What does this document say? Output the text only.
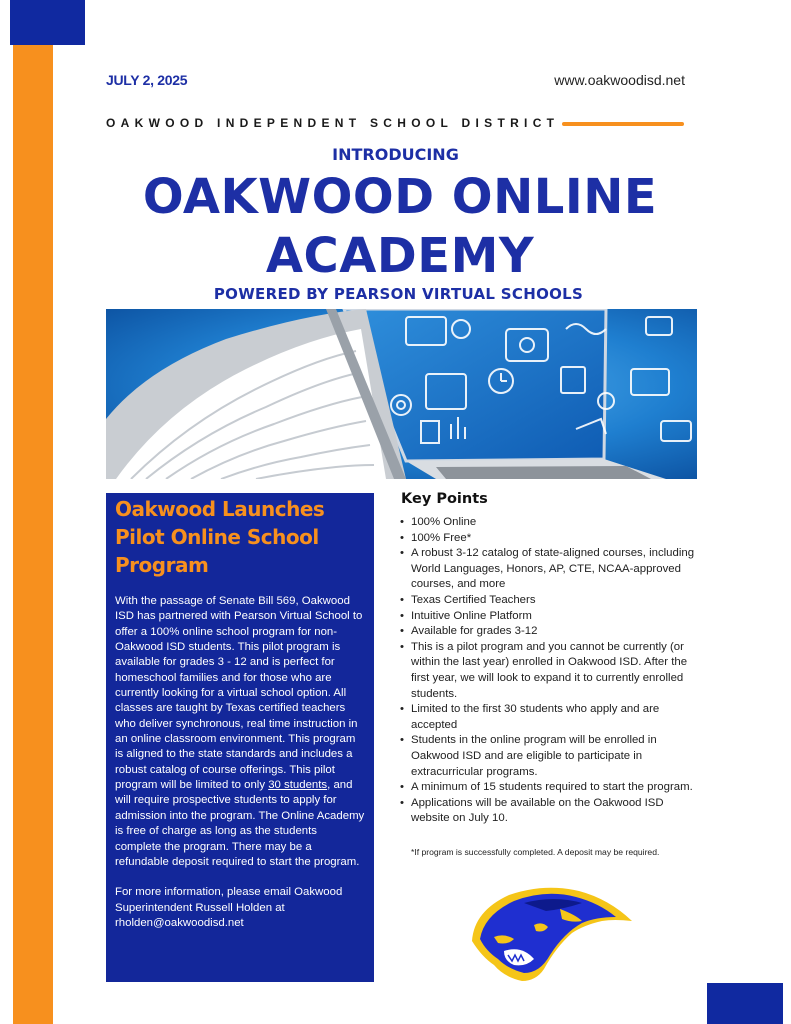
JULY 2, 2025	www.oakwoodisd.net
OAKWOOD INDEPENDENT SCHOOL DISTRICT
INTRODUCING
OAKWOOD ONLINE
ACADEMY
POWERED BY PEARSON VIRTUAL SCHOOLS
Oakwood Launches Pilot Online School Program
With the passage of Senate Bill 569, Oakwood ISD has partnered with Pearson Virtual School to offer a 100% online school program for non-Oakwood ISD students. This pilot program is available for grades 3 - 12 and is perfect for homeschool families and for those who are currently looking for a virtual school option. All classes are taught by Texas certified teachers who deliver synchronous, real time instruction in an online classroom environment. This program is aligned to the state standards and includes a robust catalog of course offerings. This pilot program will be limited to only 30 students, and will require prospective students to apply for admission into the program. The Online Academy is free of charge as long as the students complete the program. There may be a refundable deposit required to start the program.
For more information, please email Oakwood Superintendent Russell Holden at rholden@oakwoodisd.net
Key Points
• 100% Online
• 100% Free*
• A robust 3-12 catalog of state-aligned courses, including World Languages, Honors, AP, CTE, NCAA-approved courses, and more
• Texas Certified Teachers
• Intuitive Online Platform
• Available for grades 3-12
• This is a pilot program and you cannot be currently (or within the last year) enrolled in Oakwood ISD. After the first year, we will look to expand it to currently enrolled students.
• Limited to the first 30 students who apply and are accepted
• Students in the online program will be enrolled in Oakwood ISD and are eligible to participate in extracurricular programs.
• A minimum of 15 students required to start the program.
• Applications will be available on the Oakwood ISD website on July 10.
*If program is successfully completed. A deposit may be required.
